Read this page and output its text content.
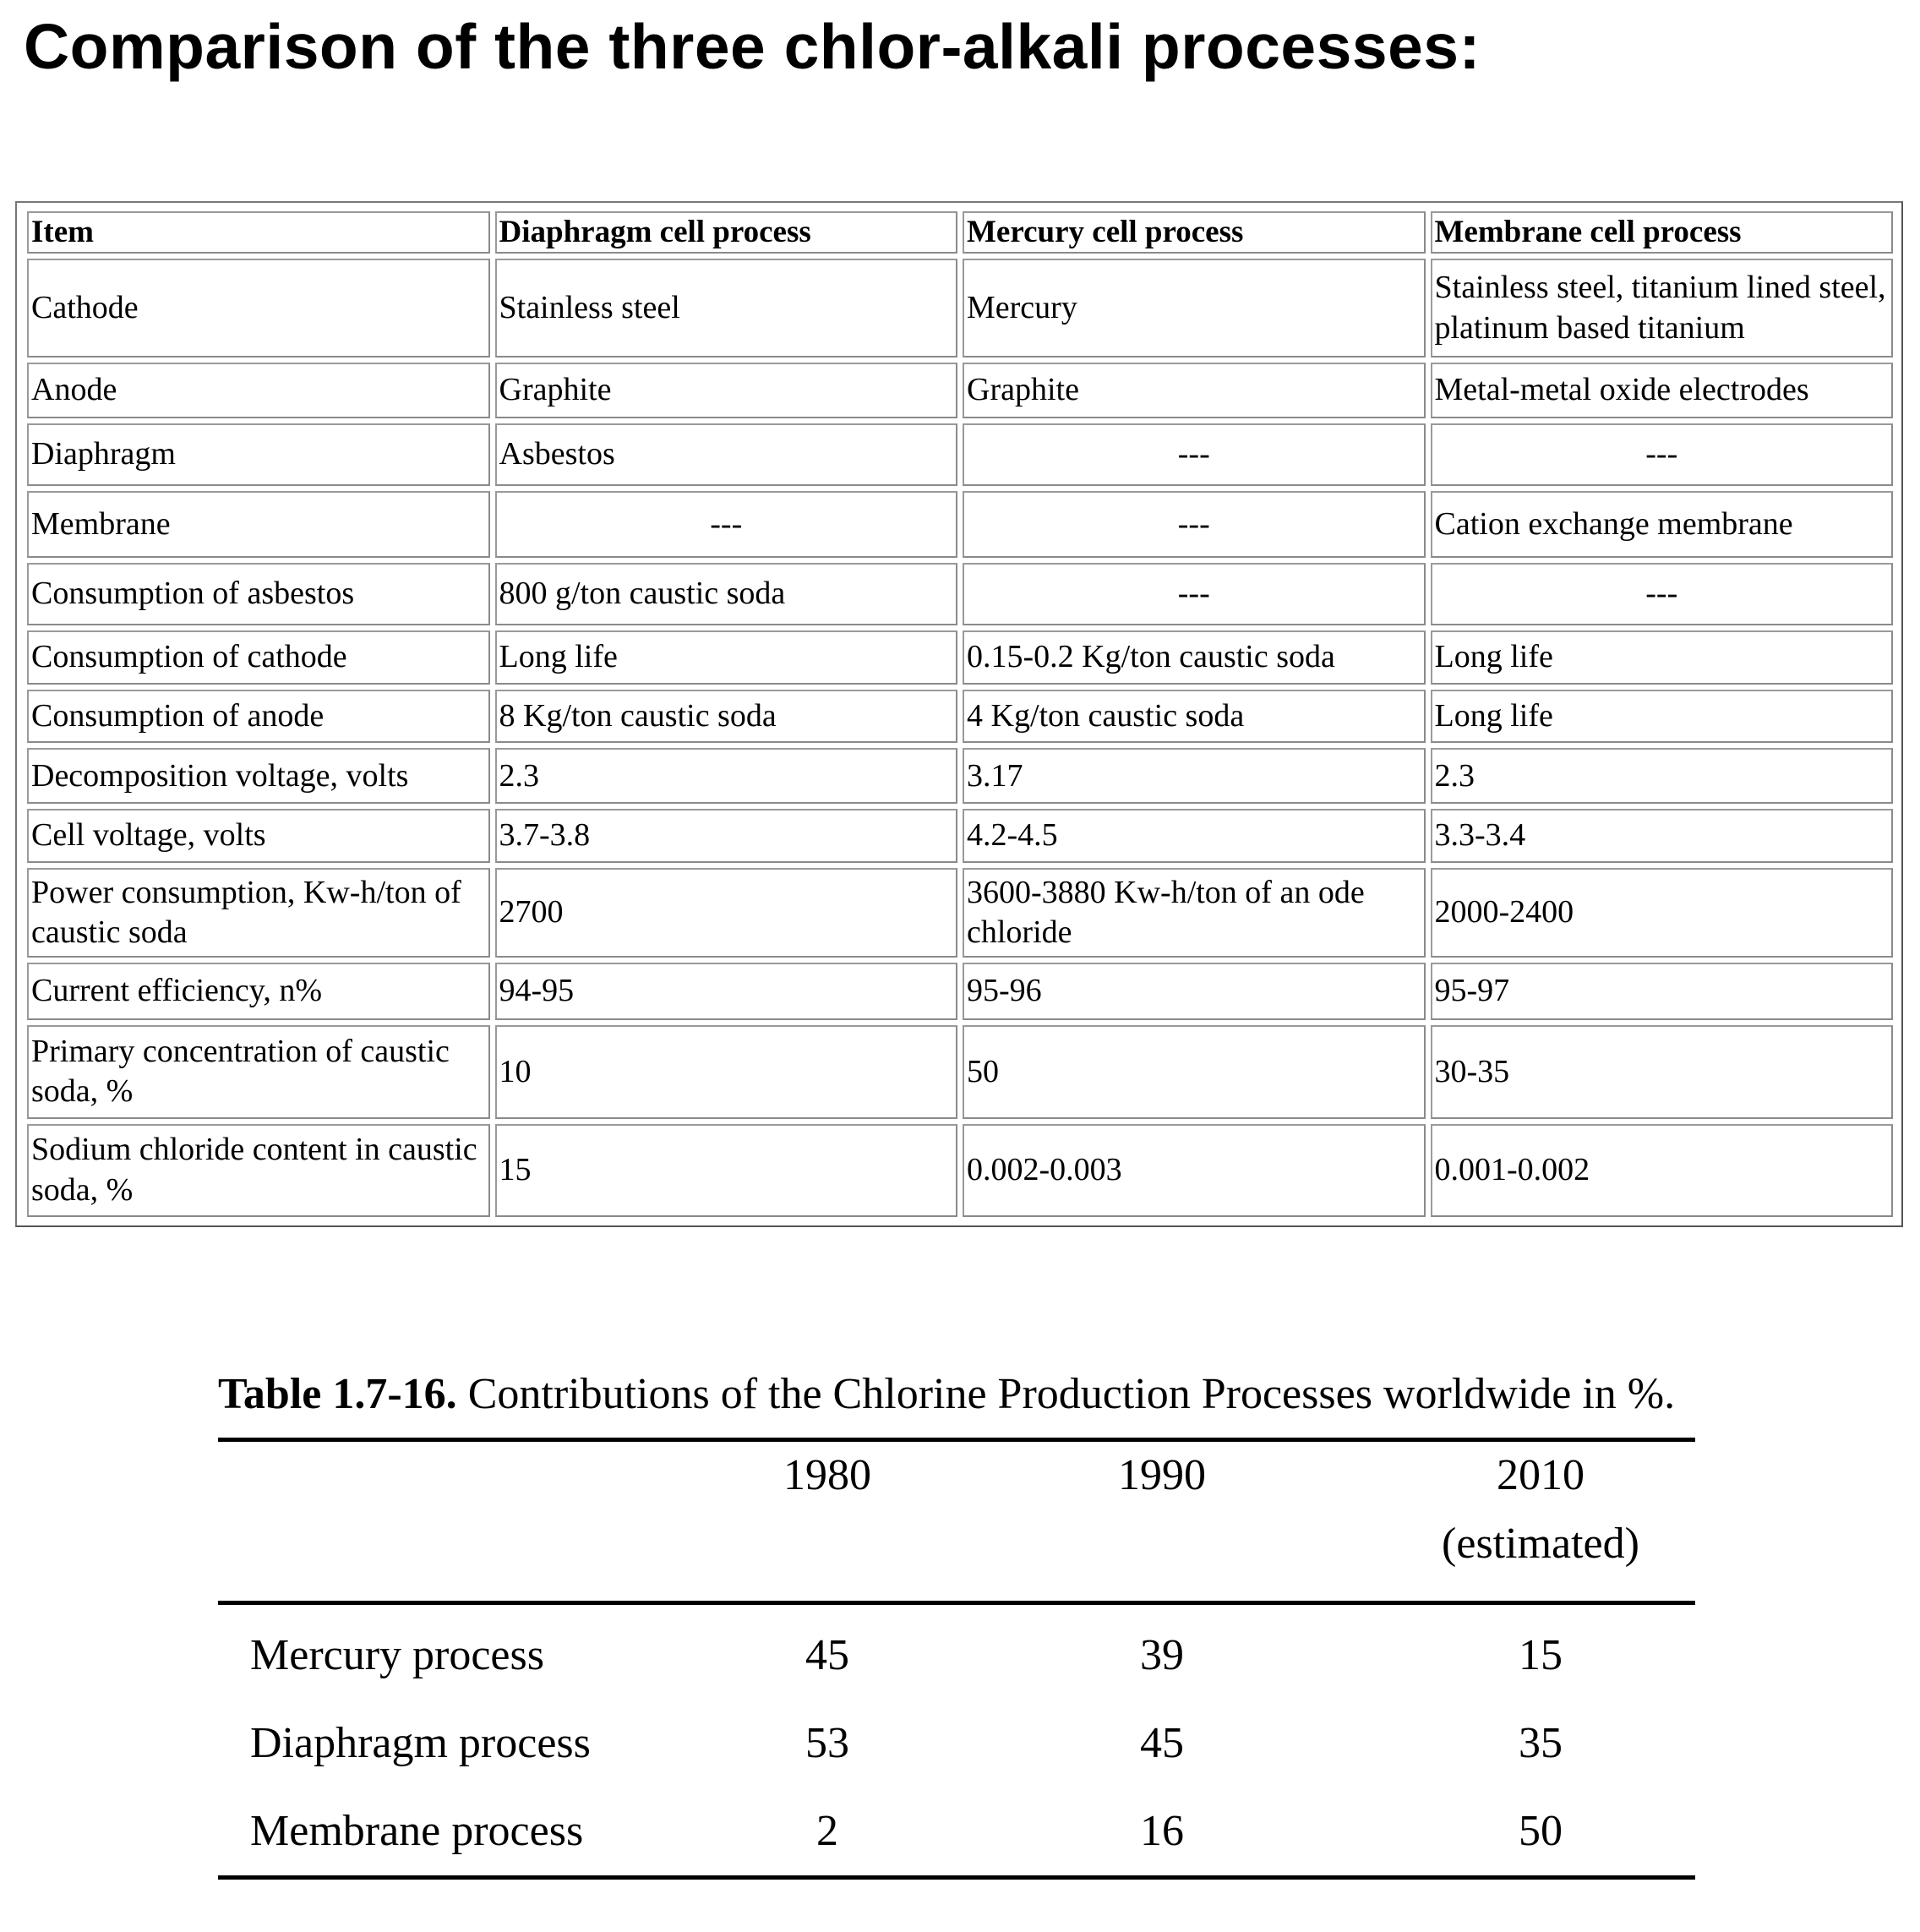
Comparison of the three chlor-alkali processes:
Item	Diaphragm cell process	Mercury cell process	Membrane cell process
Cathode	Stainless steel	Mercury	Stainless steel, titanium lined steel, platinum based titanium
Anode	Graphite	Graphite	Metal-metal oxide electrodes
Diaphragm	Asbestos	---	---
Membrane	---	---	Cation exchange membrane
Consumption of asbestos	800 g/ton caustic soda	---	---
Consumption of cathode	Long life	0.15-0.2 Kg/ton caustic soda	Long life
Consumption of anode	8 Kg/ton caustic soda	4 Kg/ton caustic soda	Long life
Decomposition voltage, volts	2.3	3.17	2.3
Cell voltage, volts	3.7-3.8	4.2-4.5	3.3-3.4
Power consumption, Kw-h/ton of caustic soda	2700	3600-3880 Kw-h/ton of an ode chloride	2000-2400
Current efficiency, n%	94-95	95-96	95-97
Primary concentration of caustic soda, %	10	50	30-35
Sodium chloride content in caustic soda, %	15	0.002-0.003	0.001-0.002

Table 1.7-16. Contributions of the Chlorine Production Processes worldwide in %.

	1980	1990	2010
(estimated)
Mercury process	45	39	15
Diaphragm process	53	45	35
Membrane process	2	16	50
